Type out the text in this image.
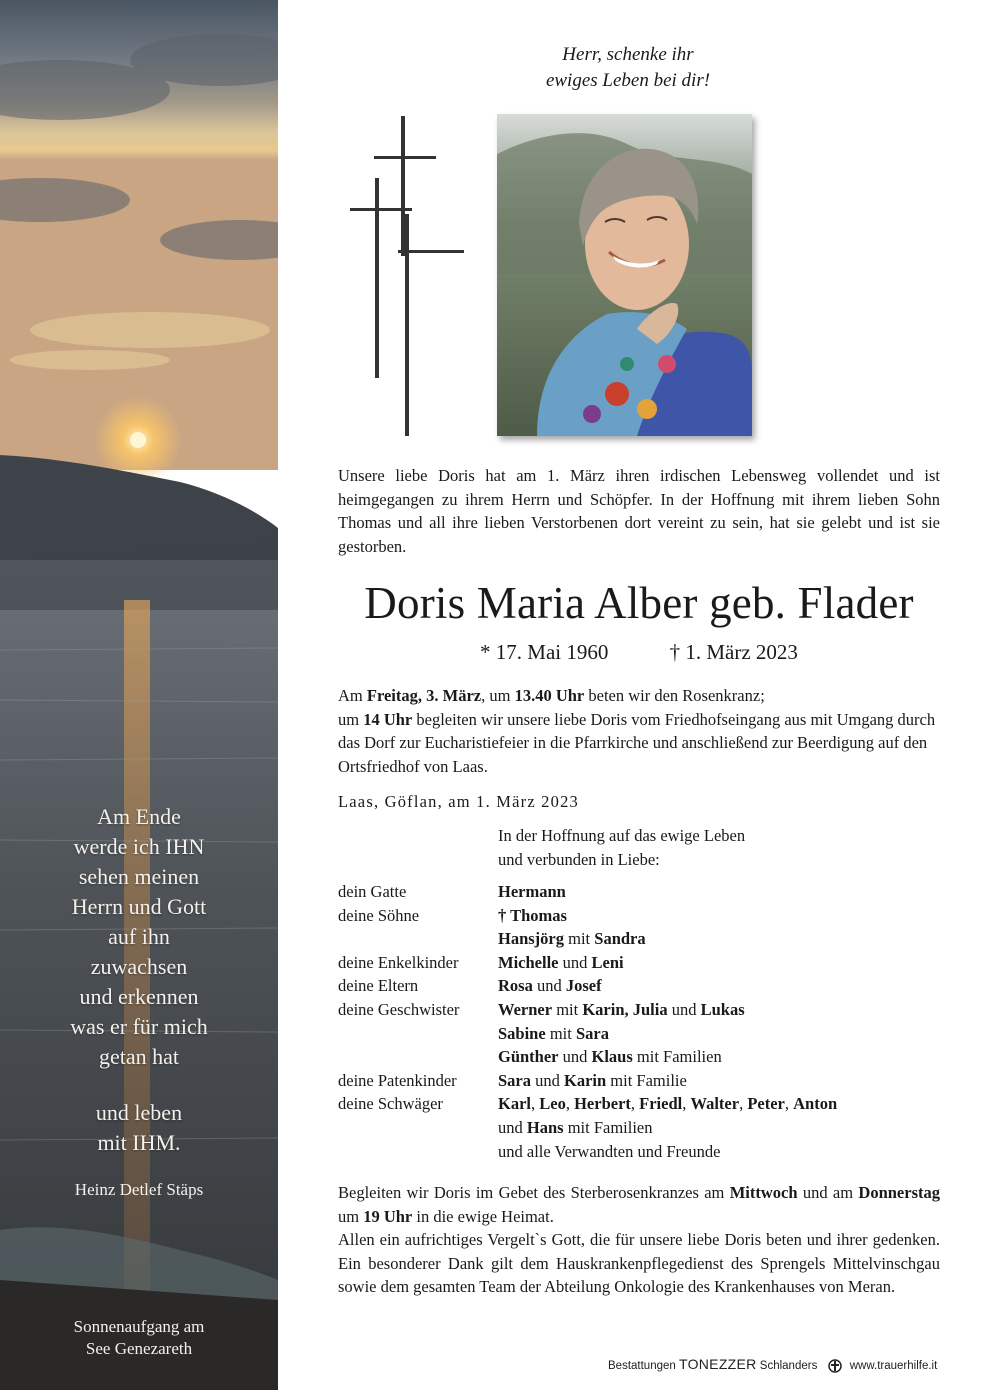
Am Ende
werde ich IHN
sehen meinen
Herrn und Gott
auf ihn
zuwachsen
und erkennen
was er für mich
getan hat
und leben
mit IHM.
Heinz Detlef Stäps
Sonnenaufgang am
See Genezareth
Herr, schenke ihr
ewiges Leben bei dir!
Unsere liebe Doris hat am 1. März ihren irdischen Lebensweg vollendet und ist heimgegangen zu ihrem Herrn und Schöpfer. In der Hoffnung mit ihrem lieben Sohn Thomas und all ihre lieben Verstorbenen dort vereint zu sein, hat sie gelebt und ist sie gestorben.
Doris Maria Alber geb. Flader
* 17. Mai 1960	† 1. März 2023
Am Freitag, 3. März, um 13.40 Uhr beten wir den Rosenkranz;
um 14 Uhr begleiten wir unsere liebe Doris vom Friedhofseingang aus mit Umgang durch das Dorf zur Eucharistiefeier in die Pfarrkirche und anschließend zur Beerdigung auf den Ortsfriedhof von Laas.
Laas, Göflan, am 1. März 2023
In der Hoffnung auf das ewige Leben
und verbunden in Liebe:
dein Gatte	Hermann
deine Söhne	† Thomas
Hansjörg mit Sandra
deine Enkelkinder	Michelle und Leni
deine Eltern	Rosa und Josef
deine Geschwister	Werner mit Karin, Julia und Lukas
Sabine mit Sara
Günther und Klaus mit Familien
deine Patenkinder	Sara und Karin mit Familie
deine Schwäger	Karl, Leo, Herbert, Friedl, Walter, Peter, Anton
und Hans mit Familien
und alle Verwandten und Freunde
Begleiten wir Doris im Gebet des Sterberosenkranzes am Mittwoch und am Donnerstag um 19 Uhr in die ewige Heimat.
Allen ein aufrichtiges Vergelt`s Gott, die für unsere liebe Doris beten und ihrer gedenken. Ein besonderer Dank gilt dem Hauskrankenpflegedienst des Sprengels Mittelvinschgau sowie dem gesamten Team der Abteilung Onkologie des Krankenhauses von Meran.
Bestattungen TONEZZER Schlanders	www.trauerhilfe.it
